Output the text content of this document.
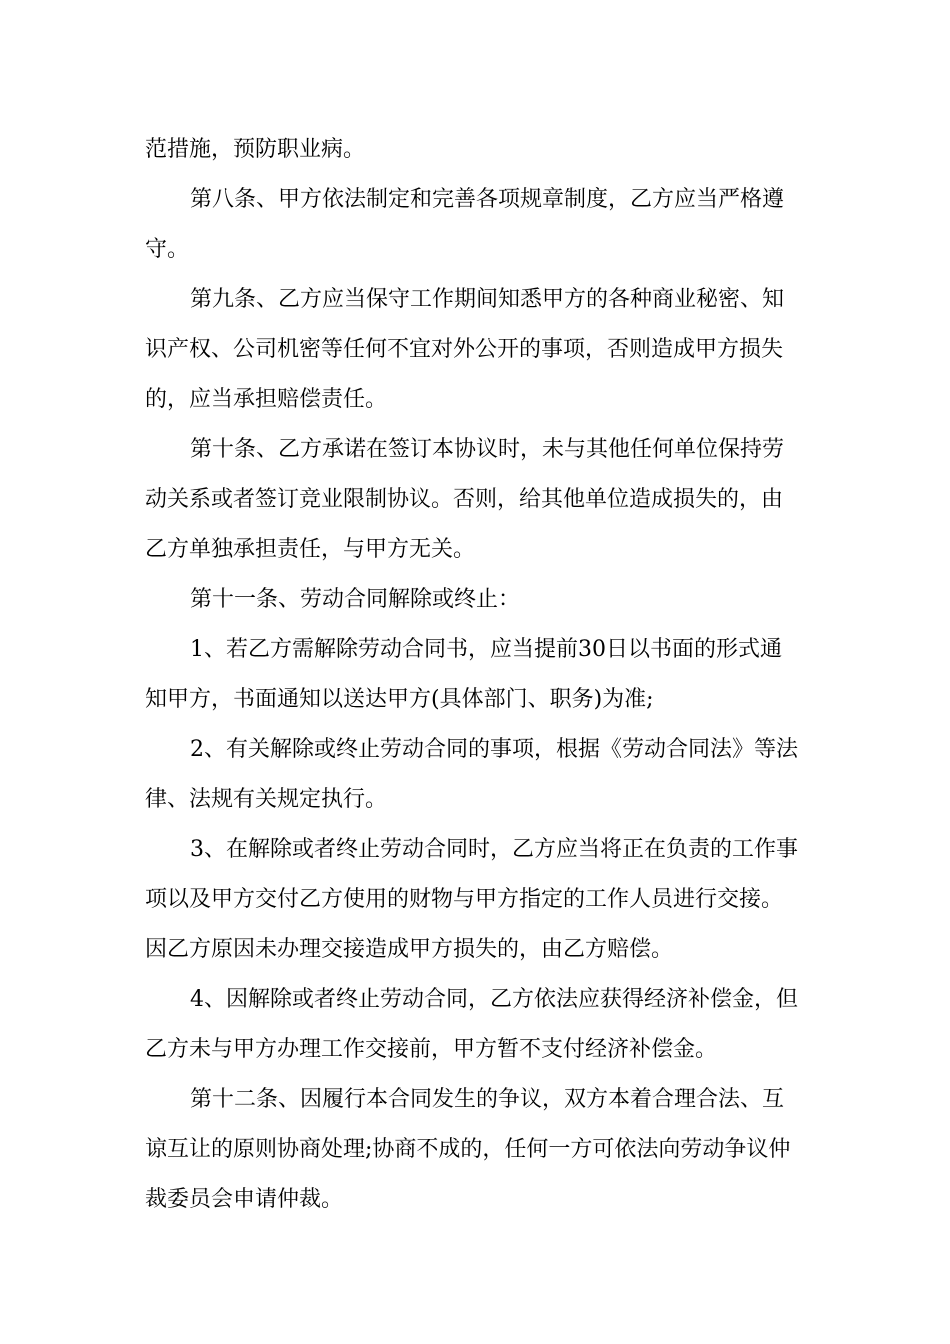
范措施，预防职业病。

第八条、甲方依法制定和完善各项规章制度，乙方应当严格遵

守。

第九条、乙方应当保守工作期间知悉甲方的各种商业秘密、知

识产权、公司机密等任何不宜对外公开的事项，否则造成甲方损失

的，应当承担赔偿责任。

第十条、乙方承诺在签订本协议时，未与其他任何单位保持劳

动关系或者签订竞业限制协议。否则，给其他单位造成损失的，由

乙方单独承担责任，与甲方无关。

第十一条、劳动合同解除或终止：

1、若乙方需解除劳动合同书，应当提前30日以书面的形式通

知甲方，书面通知以送达甲方(具体部门、职务)为准;

2、有关解除或终止劳动合同的事项，根据《劳动合同法》等法

律、法规有关规定执行。

3、在解除或者终止劳动合同时，乙方应当将正在负责的工作事

项以及甲方交付乙方使用的财物与甲方指定的工作人员进行交接。

因乙方原因未办理交接造成甲方损失的，由乙方赔偿。

4、因解除或者终止劳动合同，乙方依法应获得经济补偿金，但

乙方未与甲方办理工作交接前，甲方暂不支付经济补偿金。

第十二条、因履行本合同发生的争议，双方本着合理合法、互

谅互让的原则协商处理;协商不成的，任何一方可依法向劳动争议仲

裁委员会申请仲裁。
